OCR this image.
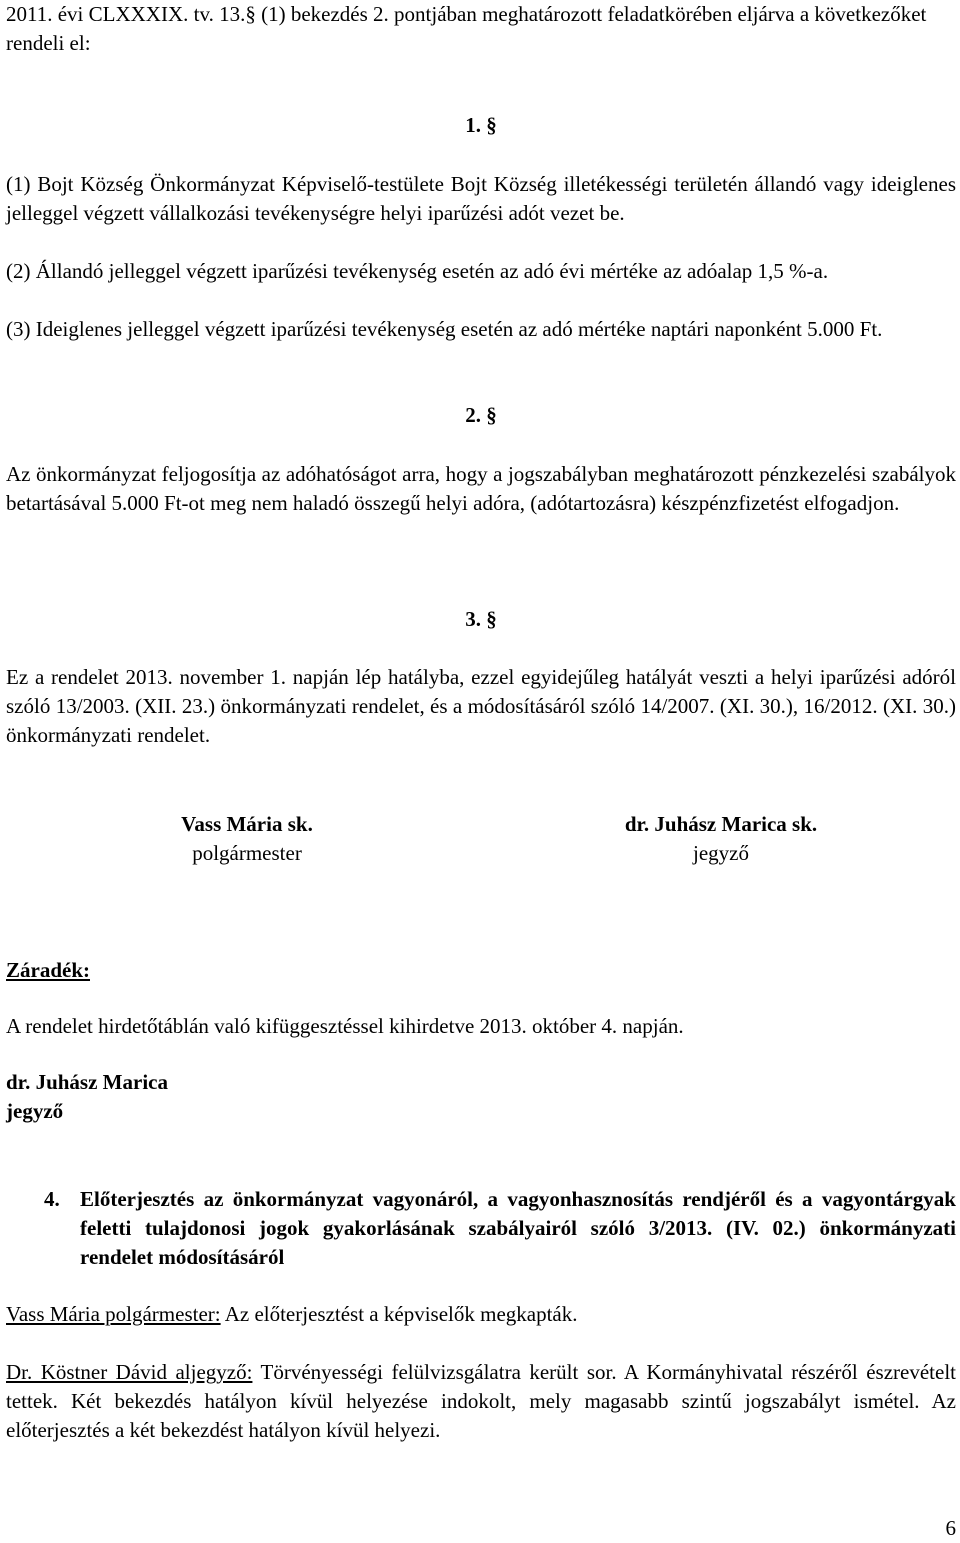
2011. évi CLXXXIX. tv. 13.§ (1) bekezdés 2. pontjában meghatározott feladatkörében eljárva a következőket rendeli el:

1. §

(1) Bojt Község Önkormányzat Képviselő-testülete Bojt Község illetékességi területén állandó vagy ideiglenes jelleggel végzett vállalkozási tevékenységre helyi iparűzési adót vezet be.

(2) Állandó jelleggel végzett iparűzési tevékenység esetén az adó évi mértéke az adóalap 1,5 %-a.

(3) Ideiglenes jelleggel végzett iparűzési tevékenység esetén az adó mértéke naptári naponként 5.000 Ft.

2. §

Az önkormányzat feljogosítja az adóhatóságot arra, hogy a jogszabályban meghatározott pénzkezelési szabályok betartásával 5.000 Ft-ot meg nem haladó összegű helyi adóra, (adótartozásra) készpénzfizetést elfogadjon.

3. §

Ez a rendelet 2013. november 1. napján lép hatályba, ezzel egyidejűleg hatályát veszti a helyi iparűzési adóról szóló 13/2003. (XII. 23.) önkormányzati rendelet, és a módosításáról szóló 14/2007. (XI. 30.), 16/2012. (XI. 30.) önkormányzati rendelet.

Vass Mária sk.
polgármester
dr. Juhász Marica sk.
jegyző
Záradék:

A rendelet hirdetőtáblán való kifüggesztéssel kihirdetve 2013. október 4. napján.

dr. Juhász Marica
jegyző
4. Előterjesztés az önkormányzat vagyonáról, a vagyonhasznosítás rendjéről és a vagyontárgyak feletti tulajdonosi jogok gyakorlásának szabályairól szóló 3/2013. (IV. 02.) önkormányzati rendelet módosításáról

Vass Mária polgármester: Az előterjesztést a képviselők megkapták.

Dr. Köstner Dávid aljegyző: Törvényességi felülvizsgálatra került sor. A Kormányhivatal részéről észrevételt tettek. Két bekezdés hatályon kívül helyezése indokolt, mely magasabb szintű jogszabályt ismétel. Az előterjesztés a két bekezdést hatályon kívül helyezi.

6
